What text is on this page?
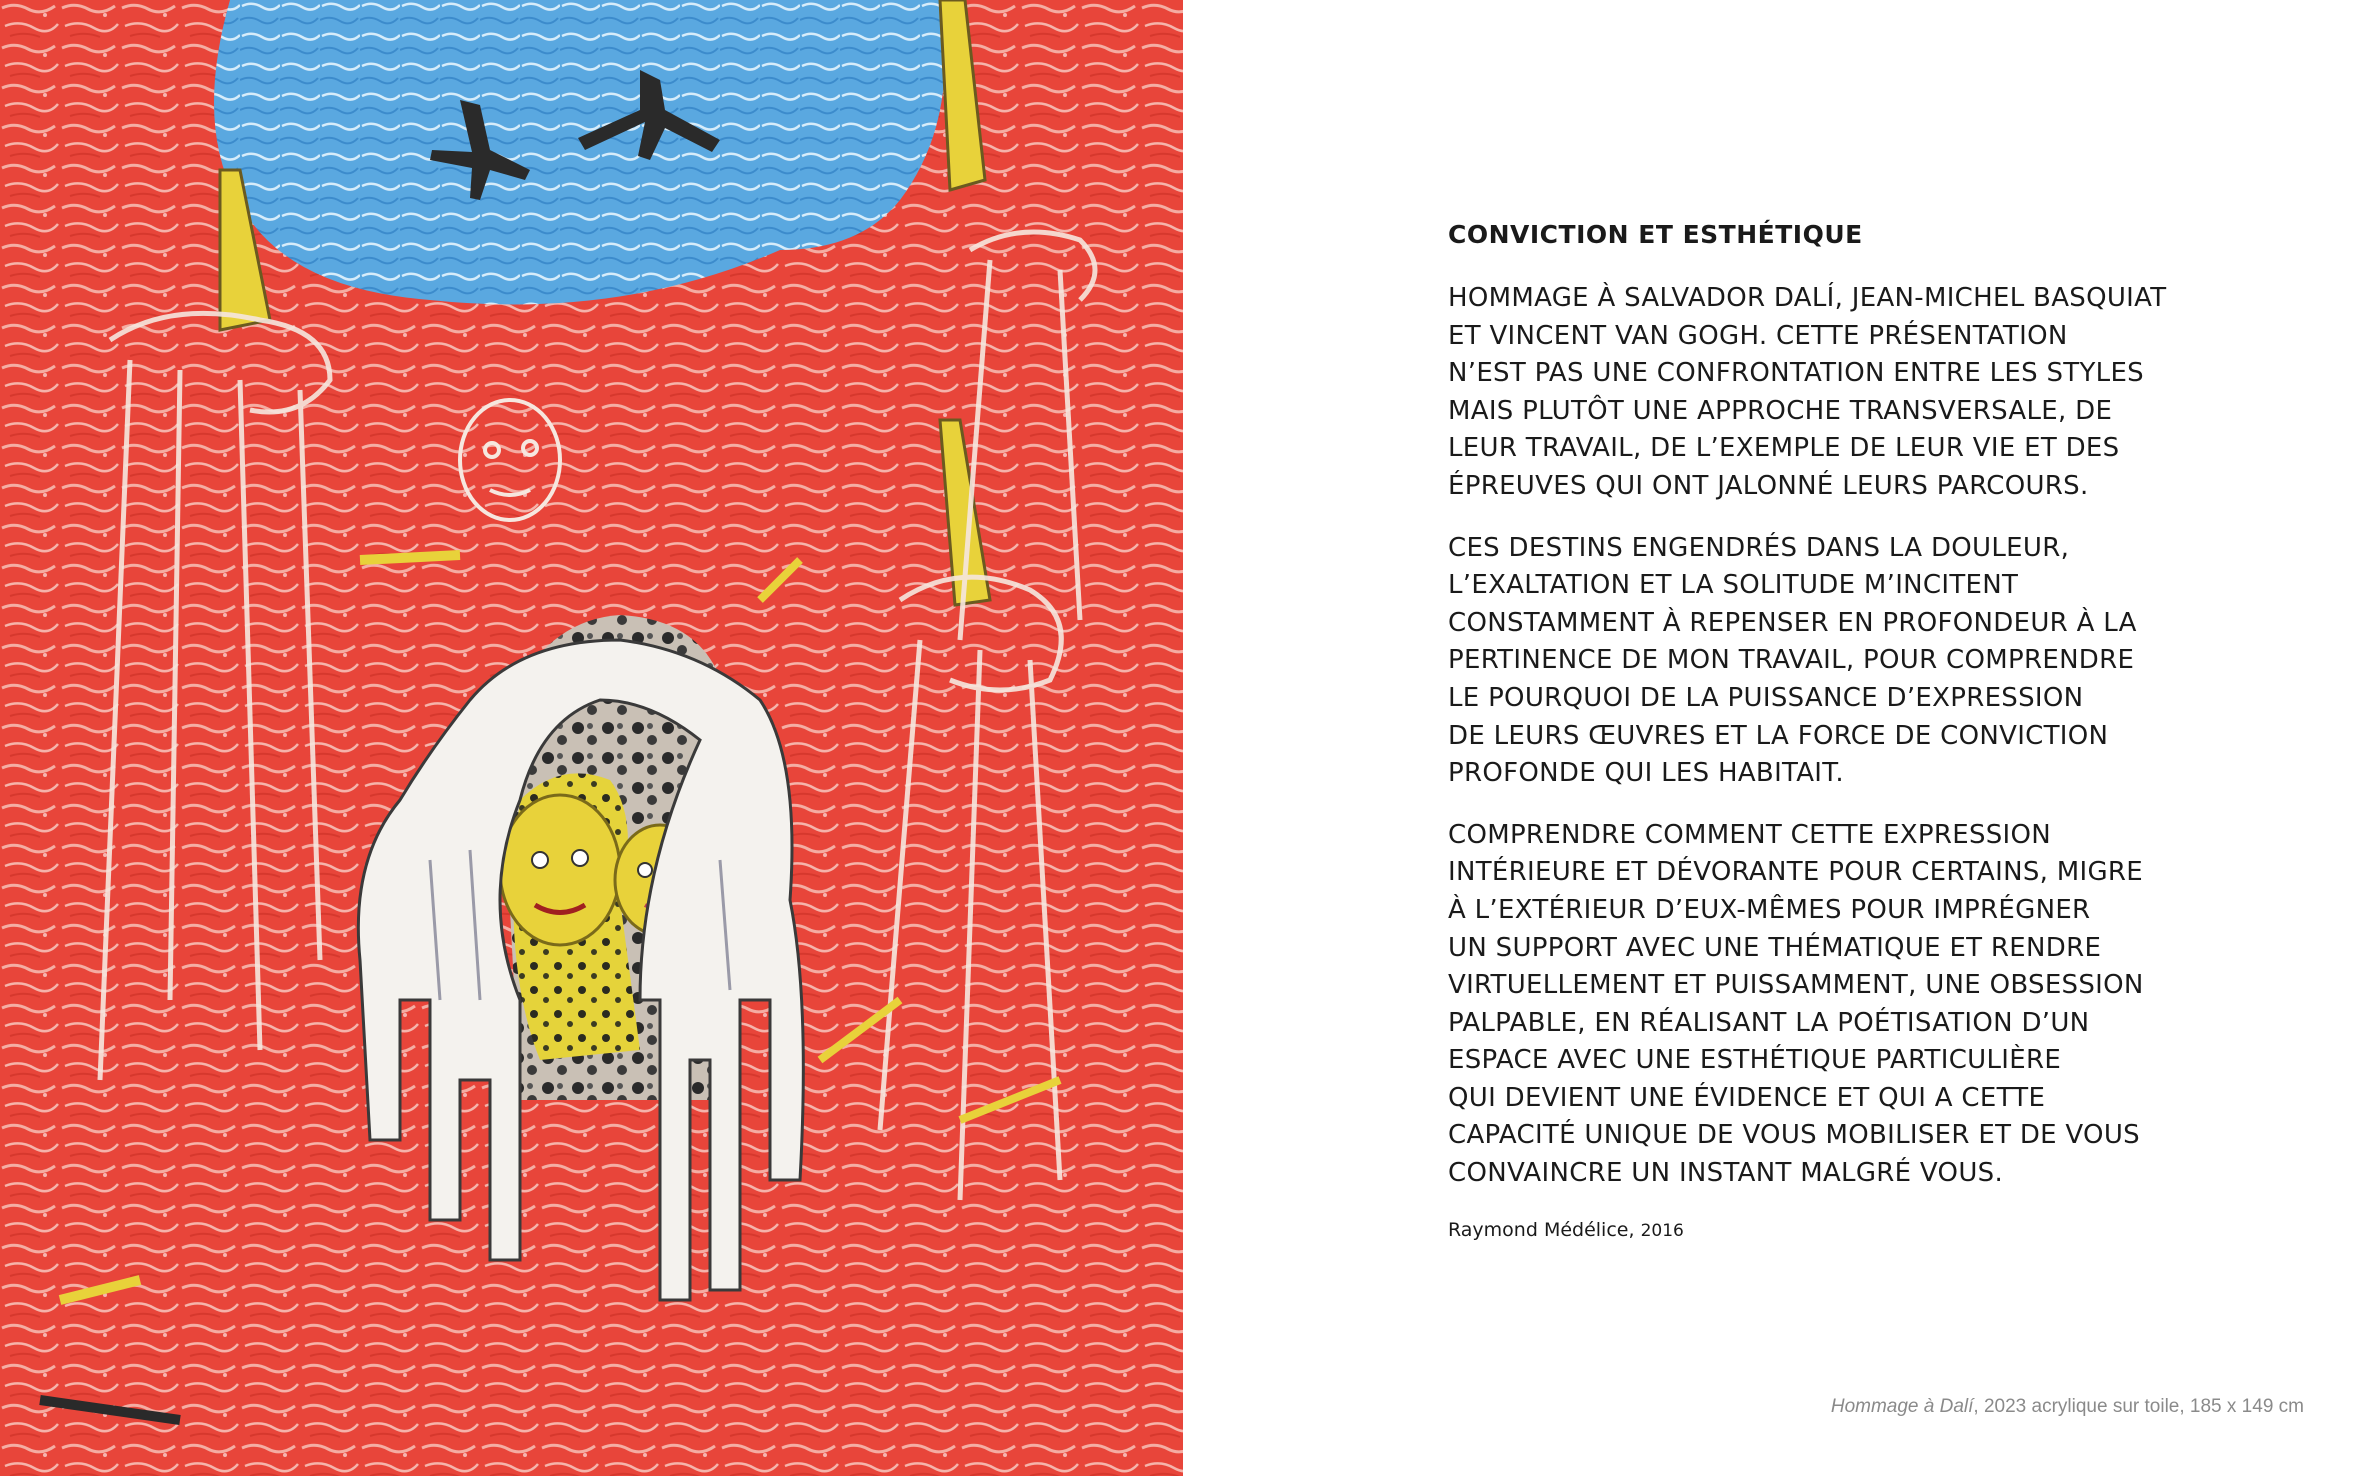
CONVICTION ET ESTHÉTIQUE
HOMMAGE À SALVADOR DALÍ, JEAN-MICHEL BASQUIAT
ET VINCENT VAN GOGH. CETTE PRÉSENTATION
N’EST PAS UNE CONFRONTATION ENTRE LES STYLES
MAIS PLUTÔT UNE APPROCHE TRANSVERSALE, DE
LEUR TRAVAIL, DE L’EXEMPLE DE LEUR VIE ET DES
ÉPREUVES QUI ONT JALONNÉ LEURS PARCOURS.
CES DESTINS ENGENDRÉS DANS LA DOULEUR,
L’EXALTATION ET LA SOLITUDE M’INCITENT
CONSTAMMENT À REPENSER EN PROFONDEUR À LA
PERTINENCE DE MON TRAVAIL, POUR COMPRENDRE
LE POURQUOI DE LA PUISSANCE D’EXPRESSION
DE LEURS ŒUVRES ET LA FORCE DE CONVICTION
PROFONDE QUI LES HABITAIT.
COMPRENDRE COMMENT CETTE EXPRESSION
INTÉRIEURE ET DÉVORANTE POUR CERTAINS, MIGRE
À L’EXTÉRIEUR D’EUX-MÊMES POUR IMPRÉGNER
UN SUPPORT AVEC UNE THÉMATIQUE ET RENDRE
VIRTUELLEMENT ET PUISSAMMENT, UNE OBSESSION
PALPABLE, EN RÉALISANT LA POÉTISATION D’UN
ESPACE AVEC UNE ESTHÉTIQUE PARTICULIÈRE
QUI DEVIENT UNE ÉVIDENCE ET QUI A CETTE
CAPACITÉ UNIQUE DE VOUS MOBILISER ET DE VOUS
CONVAINCRE UN INSTANT MALGRÉ VOUS.
Raymond Médélice, 2016
Hommage à Dalí, 2023 acrylique sur toile, 185 x 149 cm
